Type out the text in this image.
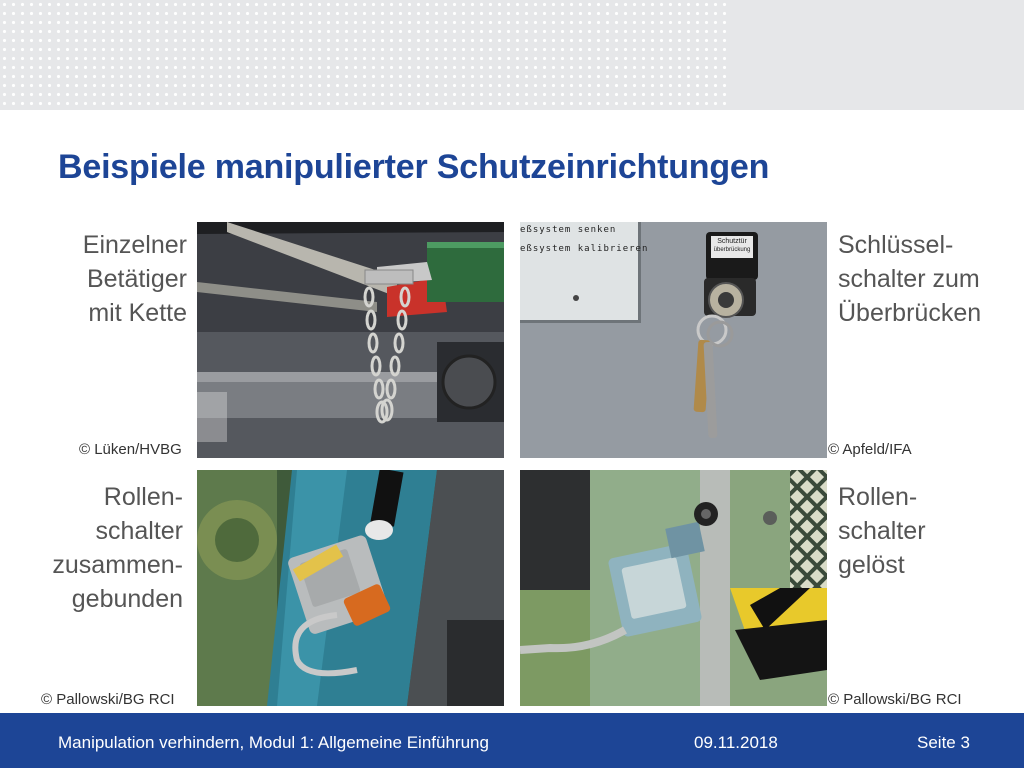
Beispiele manipulierter Schutzeinrichtungen
Einzelner
Betätiger
mit Kette
Schlüssel-
schalter zum
Überbrücken
Rollen-
schalter
zusammen-
gebunden
Rollen-
schalter
gelöst
eßsystem senken
eßsystem kalibrieren
Schutztür
überbrückung
© Lüken/HVBG	© Apfeld/IFA
© Pallowski/BG RCI	© Pallowski/BG RCI
Manipulation verhindern, Modul 1: Allgemeine Einführung	09.11.2018	Seite 3
